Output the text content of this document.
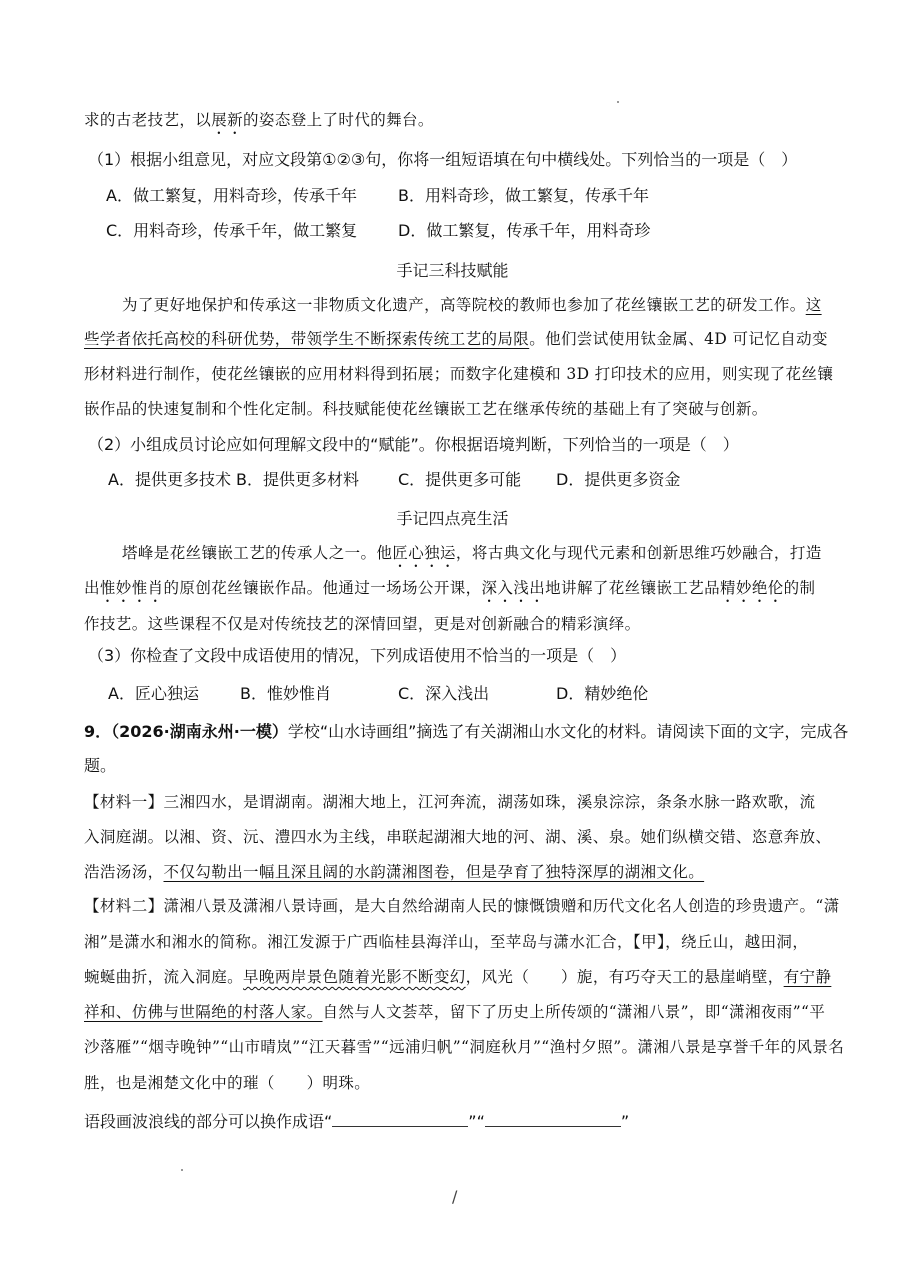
求的古老技艺，以展新的姿态登上了时代的舞台。
（1）根据小组意见，对应文段第①②③句，你将一组短语填在句中横线处。下列恰当的一项是（　）
A．做工繁复，用料奇珍，传承千年	B．用料奇珍，做工繁复，传承千年
C．用料奇珍，传承千年，做工繁复	D．做工繁复，传承千年，用料奇珍
手记三科技赋能
为了更好地保护和传承这一非物质文化遗产，高等院校的教师也参加了花丝镶嵌工艺的研发工作。这
些学者依托高校的科研优势，带领学生不断探索传统工艺的局限。他们尝试使用钛金属、4D 可记忆自动变
形材料进行制作，使花丝镶嵌的应用材料得到拓展；而数字化建模和 3D 打印技术的应用，则实现了花丝镶
嵌作品的快速复制和个性化定制。科技赋能使花丝镶嵌工艺在继承传统的基础上有了突破与创新。
（2）小组成员讨论应如何理解文段中的“赋能”。你根据语境判断，下列恰当的一项是（　）
A．提供更多技术 B．提供更多材料 C．提供更多可能 D．提供更多资金
手记四点亮生活
塔峰是花丝镶嵌工艺的传承人之一。他匠心独运，将古典文化与现代元素和创新思维巧妙融合，打造
出惟妙惟肖的原创花丝镶嵌作品。他通过一场场公开课，深入浅出地讲解了花丝镶嵌工艺品精妙绝伦的制
作技艺。这些课程不仅是对传统技艺的深情回望，更是对创新融合的精彩演绎。
（3）你检查了文段中成语使用的情况，下列成语使用不恰当的一项是（　）
A．匠心独运	B．惟妙惟肖	C．深入浅出	D．精妙绝伦
9．（2026·湖南永州·一模）学校“山水诗画组”摘选了有关湖湘山水文化的材料。请阅读下面的文字，完成各
题。
【材料一】三湘四水，是谓湖南。湖湘大地上，江河奔流，湖荡如珠，溪泉淙淙，条条水脉一路欢歌，流
入洞庭湖。以湘、资、沅、澧四水为主线，串联起湖湘大地的河、湖、溪、泉。她们纵横交错、恣意奔放、
浩浩汤汤，不仅勾勒出一幅且深且阔的水韵潇湘图卷，但是孕育了独特深厚的湖湘文化。
【材料二】潇湘八景及潇湘八景诗画，是大自然给湖南人民的慷慨馈赠和历代文化名人创造的珍贵遗产。“潇
湘”是潇水和湘水的简称。湘江发源于广西临桂县海洋山，至苹岛与潇水汇合，【甲】，绕丘山，越田洞，
蜿蜒曲折，流入洞庭。早晚两岸景色随着光影不断变幻，风光（　　）旎，有巧夺天工的悬崖峭壁，有宁静
祥和、仿佛与世隔绝的村落人家。自然与人文荟萃，留下了历史上所传颂的“潇湘八景”，即“潇湘夜雨”“平
沙落雁”“烟寺晚钟”“山市晴岚”“江天暮雪”“远浦归帆”“洞庭秋月”“渔村夕照”。潇湘八景是享誉千年的风景名
胜，也是湘楚文化中的璀（　　）明珠。
语段画波浪线的部分可以换作成语“	”“	”
/
